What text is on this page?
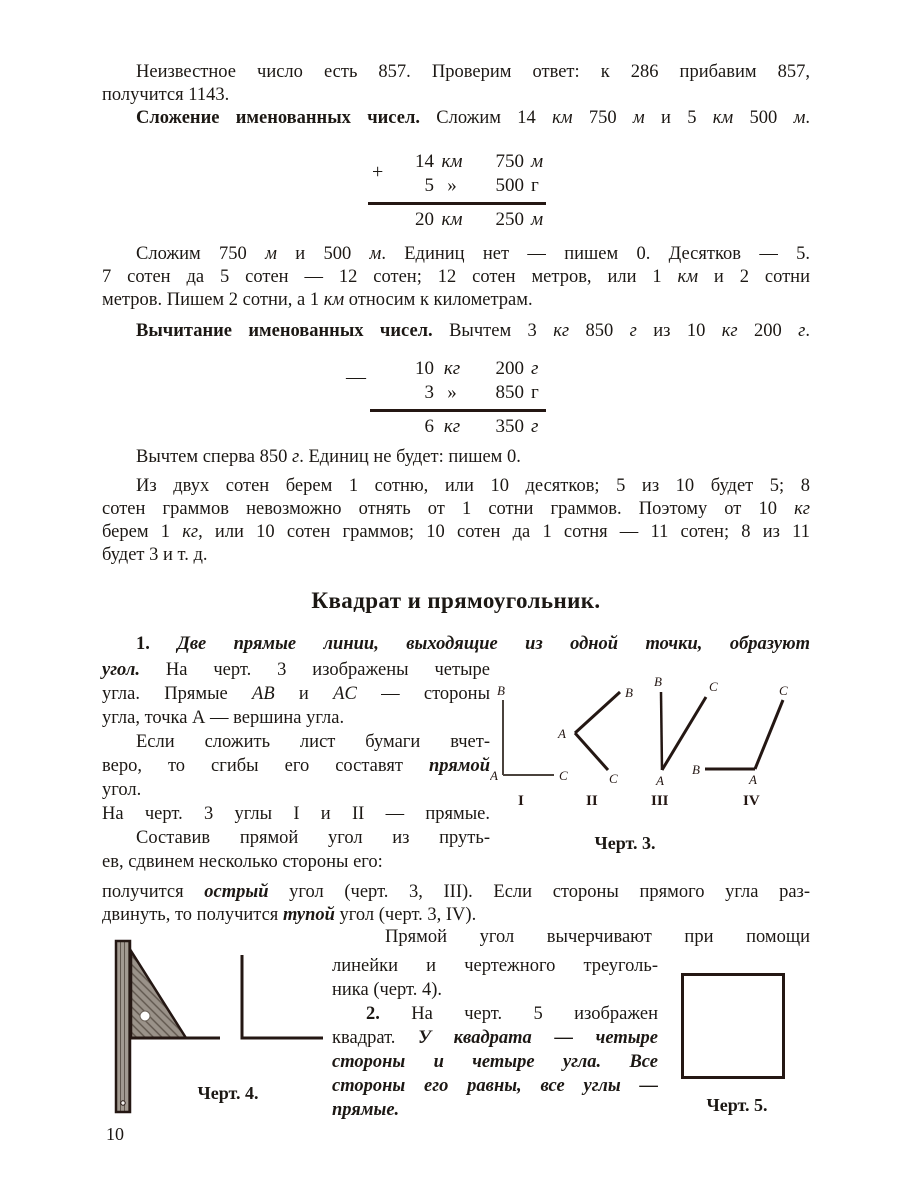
Неизвестное число есть 857. Проверим ответ: к 286 прибавим 857,
получится 1143.
Сложение именованных чисел. Сложим 14 км 750 м и 5 км 500 м.
+	14 км	750 м
5 »	500 г
20 км	250 м
Сложим 750 м и 500 м. Единиц нет — пишем 0. Десятков — 5.
7 сотен да 5 сотен — 12 сотен; 12 сотен метров, или 1 км и 2 сотни
метров. Пишем 2 сотни, а 1 км относим к километрам.
Вычитание именованных чисел. Вычтем 3 кг 850 г из 10 кг 200 г.
—	10 кг	200 г
3 »	850 г
6 кг	350 г
Вычтем сперва 850 г. Единиц не будет: пишем 0.
Из двух сотен берем 1 сотню, или 10 десятков; 5 из 10 будет 5; 8
сотен граммов невозможно отнять от 1 сотни граммов. Поэтому от 10 кг
берем 1 кг, или 10 сотен граммов; 10 сотен да 1 сотня — 11 сотен; 8 из 11
будет 3 и т. д.
Квадрат и прямоугольник.
1. Две прямые линии, выходящие из одной точки, образуют
угол. На черт. 3 изображены четыре
угла. Прямые AB и AC — стороны
угла, точка А — вершина угла.
Если сложить лист бумаги вчет-
веро, то сгибы его составят прямой
угол.
На черт. 3 углы I и II — прямые.
Составив прямой угол из пруть-
ев, сдвинем несколько стороны его:
B
A	C
I
A
B
C
II
B	C
A
III
B
A
C
IV
Черт. 3.
получится острый угол (черт. 3, III). Если стороны прямого угла раз-
двинуть, то получится тупой угол (черт. 3, IV).
Черт. 4.
Прямой угол вычерчивают при помощи
линейки и чертежного треуголь-
ника (черт. 4).
2. На черт. 5 изображен
квадрат. У квадрата — четыре
стороны и четыре угла. Все
стороны его равны, все углы —
прямые.	Черт. 5.
10
